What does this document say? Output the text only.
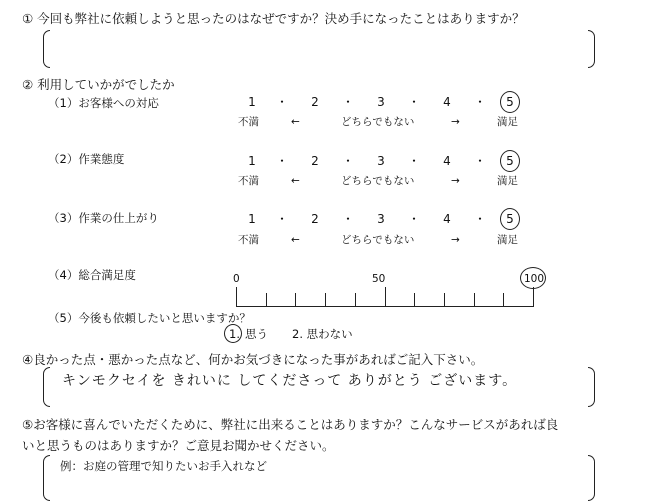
① 今回も弊社に依頼しようと思ったのはなぜですか？決め手になったことはありますか？
② 利用していかがでしたか
（1）お客様への対応	1	・	2	・	3	・	4	・	5
不満	←	どちらでもない	→	満足
（2）作業態度	1	・	2	・	3	・	4	・	5
不満	←	どちらでもない	→	満足
（3）作業の仕上がり	1	・	2	・	3	・	4	・	5
不満	←	どちらでもない	→	満足
（4）総合満足度	0	50	100
（5）今後も依頼したいと思いますか？
1. 思う 2. 思わない
④良かった点・悪かった点など、何かお気づきになった事があればご記入下さい。
キンモクセイを きれいに してくださって ありがとう ございます。
⑤お客様に喜んでいただくために、弊社に出来ることはありますか？こんなサービスがあれば良
いと思うものはありますか？ご意見お聞かせください。
例：お庭の管理で知りたいお手入れなど
